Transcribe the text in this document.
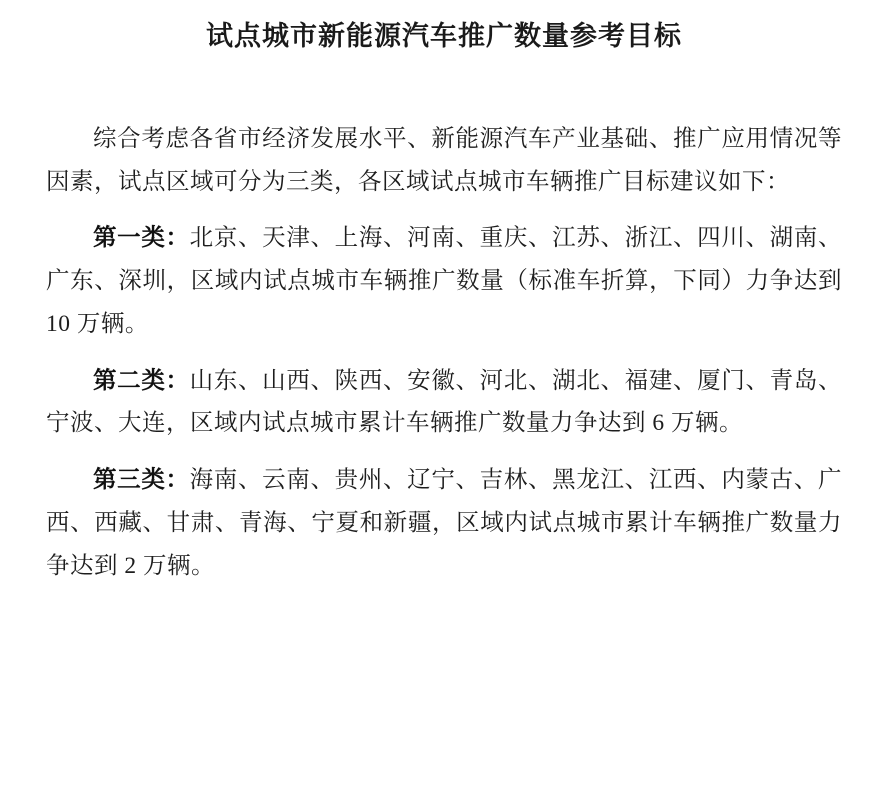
试点城市新能源汽车推广数量参考目标

综合考虑各省市经济发展水平、新能源汽车产业基础、推广应用情况等因素，试点区域可分为三类，各区域试点城市车辆推广目标建议如下：

第一类：北京、天津、上海、河南、重庆、江苏、浙江、四川、湖南、广东、深圳，区域内试点城市车辆推广数量（标准车折算，下同）力争达到 10 万辆。

第二类：山东、山西、陕西、安徽、河北、湖北、福建、厦门、青岛、宁波、大连，区域内试点城市累计车辆推广数量力争达到 6 万辆。

第三类：海南、云南、贵州、辽宁、吉林、黑龙江、江西、内蒙古、广西、西藏、甘肃、青海、宁夏和新疆，区域内试点城市累计车辆推广数量力争达到 2 万辆。
